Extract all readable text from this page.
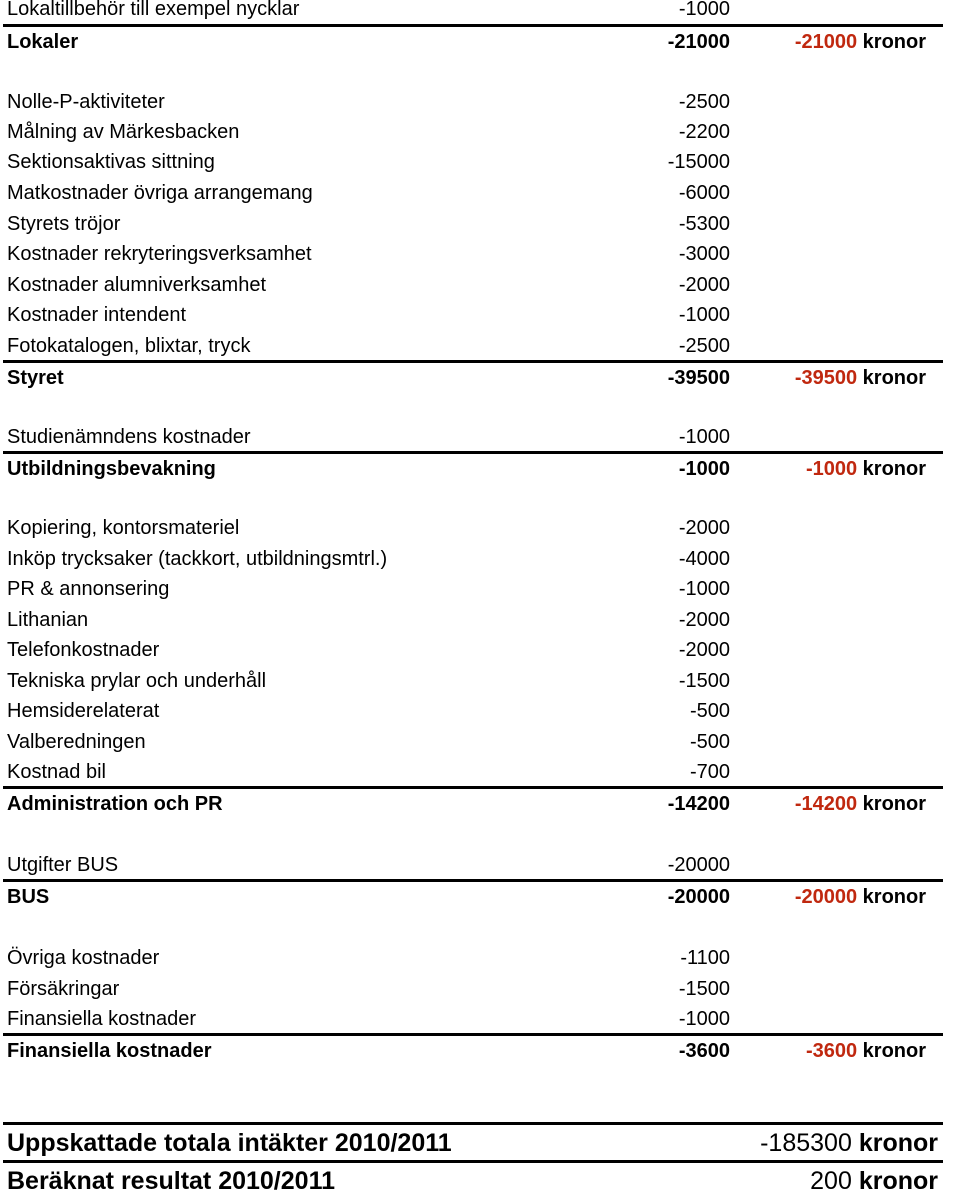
Lokaltillbehör till exempel nycklar	-1000
Lokaler	-21000	-21000 kronor
Nolle-P-aktiviteter	-2500
Målning av Märkesbacken	-2200
Sektionsaktivas sittning	-15000
Matkostnader övriga arrangemang	-6000
Styrets tröjor	-5300
Kostnader rekryteringsverksamhet	-3000
Kostnader alumniverksamhet	-2000
Kostnader intendent	-1000
Fotokatalogen, blixtar, tryck	-2500
Styret	-39500	-39500 kronor
Studienämndens kostnader	-1000
Utbildningsbevakning	-1000	-1000 kronor
Kopiering, kontorsmateriel	-2000
Inköp trycksaker (tackkort, utbildningsmtrl.)	-4000
PR & annonsering	-1000
Lithanian	-2000
Telefonkostnader	-2000
Tekniska prylar och underhåll	-1500
Hemsiderelaterat	-500
Valberedningen	-500
Kostnad bil	-700
Administration och PR	-14200	-14200 kronor
Utgifter BUS	-20000
BUS	-20000	-20000 kronor
Övriga kostnader	-1100
Försäkringar	-1500
Finansiella kostnader	-1000
Finansiella kostnader	-3600	-3600 kronor
Uppskattade totala intäkter 2010/2011	-185300 kronor
Beräknat resultat 2010/2011	200 kronor
